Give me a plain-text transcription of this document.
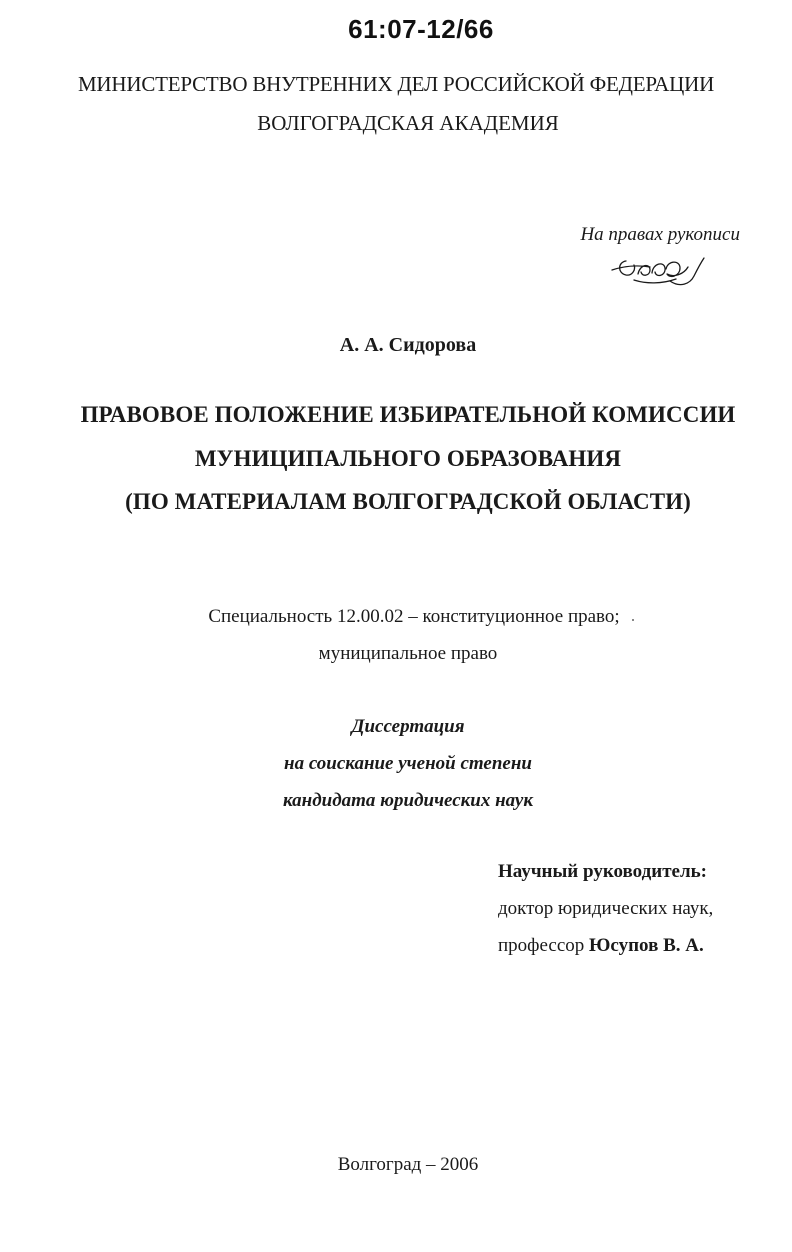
61:07-12/66
МИНИСТЕРСТВО ВНУТРЕННИХ ДЕЛ РОССИЙСКОЙ ФЕДЕРАЦИИ
ВОЛГОГРАДСКАЯ АКАДЕМИЯ
На правах рукописи
А. А. Сидорова
ПРАВОВОЕ ПОЛОЖЕНИЕ ИЗБИРАТЕЛЬНОЙ КОМИССИИ
МУНИЦИПАЛЬНОГО ОБРАЗОВАНИЯ
(ПО МАТЕРИАЛАМ ВОЛГОГРАДСКОЙ ОБЛАСТИ)
Специальность 12.00.02 – конституционное право;
муниципальное право
Диссертация
на соискание ученой степени
кандидата юридических наук
Научный руководитель:
доктор юридических наук,
профессор Юсупов В. А.
Волгоград – 2006
